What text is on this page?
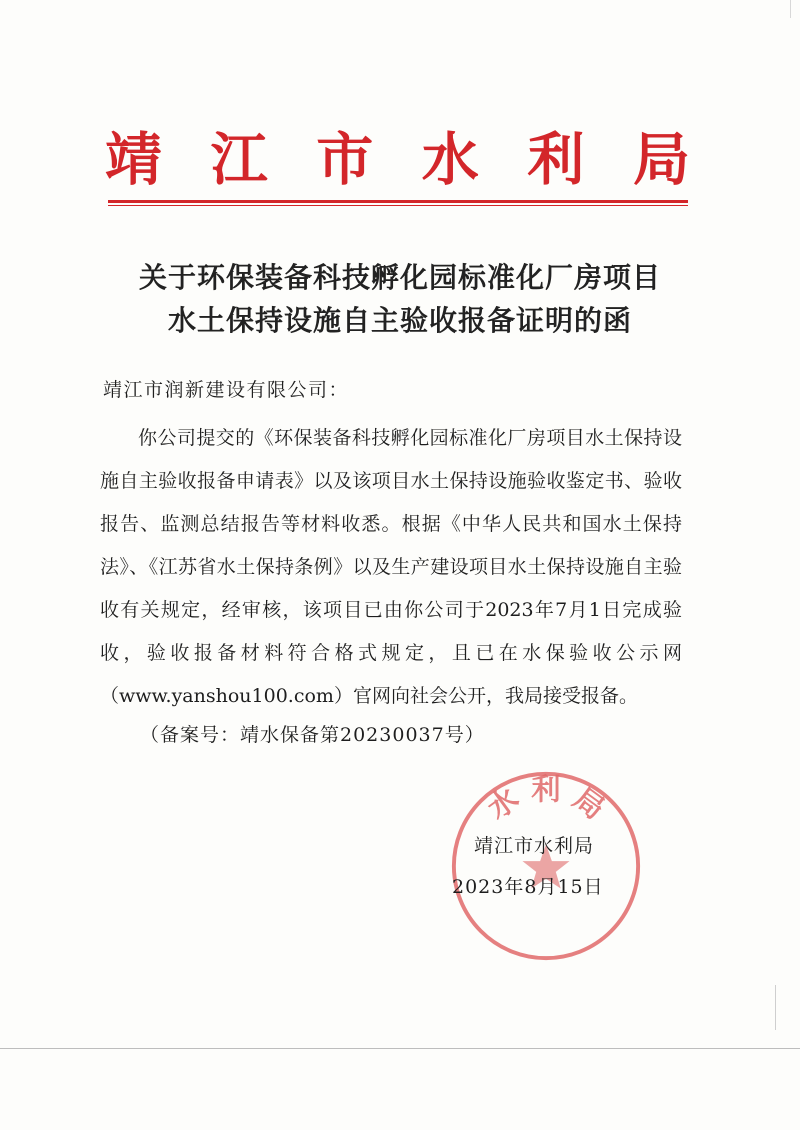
靖 江 市 水 利 局
关于环保装备科技孵化园标准化厂房项目
水土保持设施自主验收报备证明的函
靖江市润新建设有限公司：

你公司提交的《环保装备科技孵化园标准化厂房项目水土保持设施自主验收报备申请表》以及该项目水土保持设施验收鉴定书、验收报告、监测总结报告等材料收悉。根据《中华人民共和国水土保持法》、《江苏省水土保持条例》以及生产建设项目水土保持设施自主验收有关规定，经审核，该项目已由你公司于2023年7月1日完成验收，验收报备材料符合格式规定，且已在水保验收公示网（www.yanshou100.com）官网向社会公开，我局接受报备。

（备案号：靖水保备第20230037号）
水 利 局
靖江市水利局
2023年8月15日
